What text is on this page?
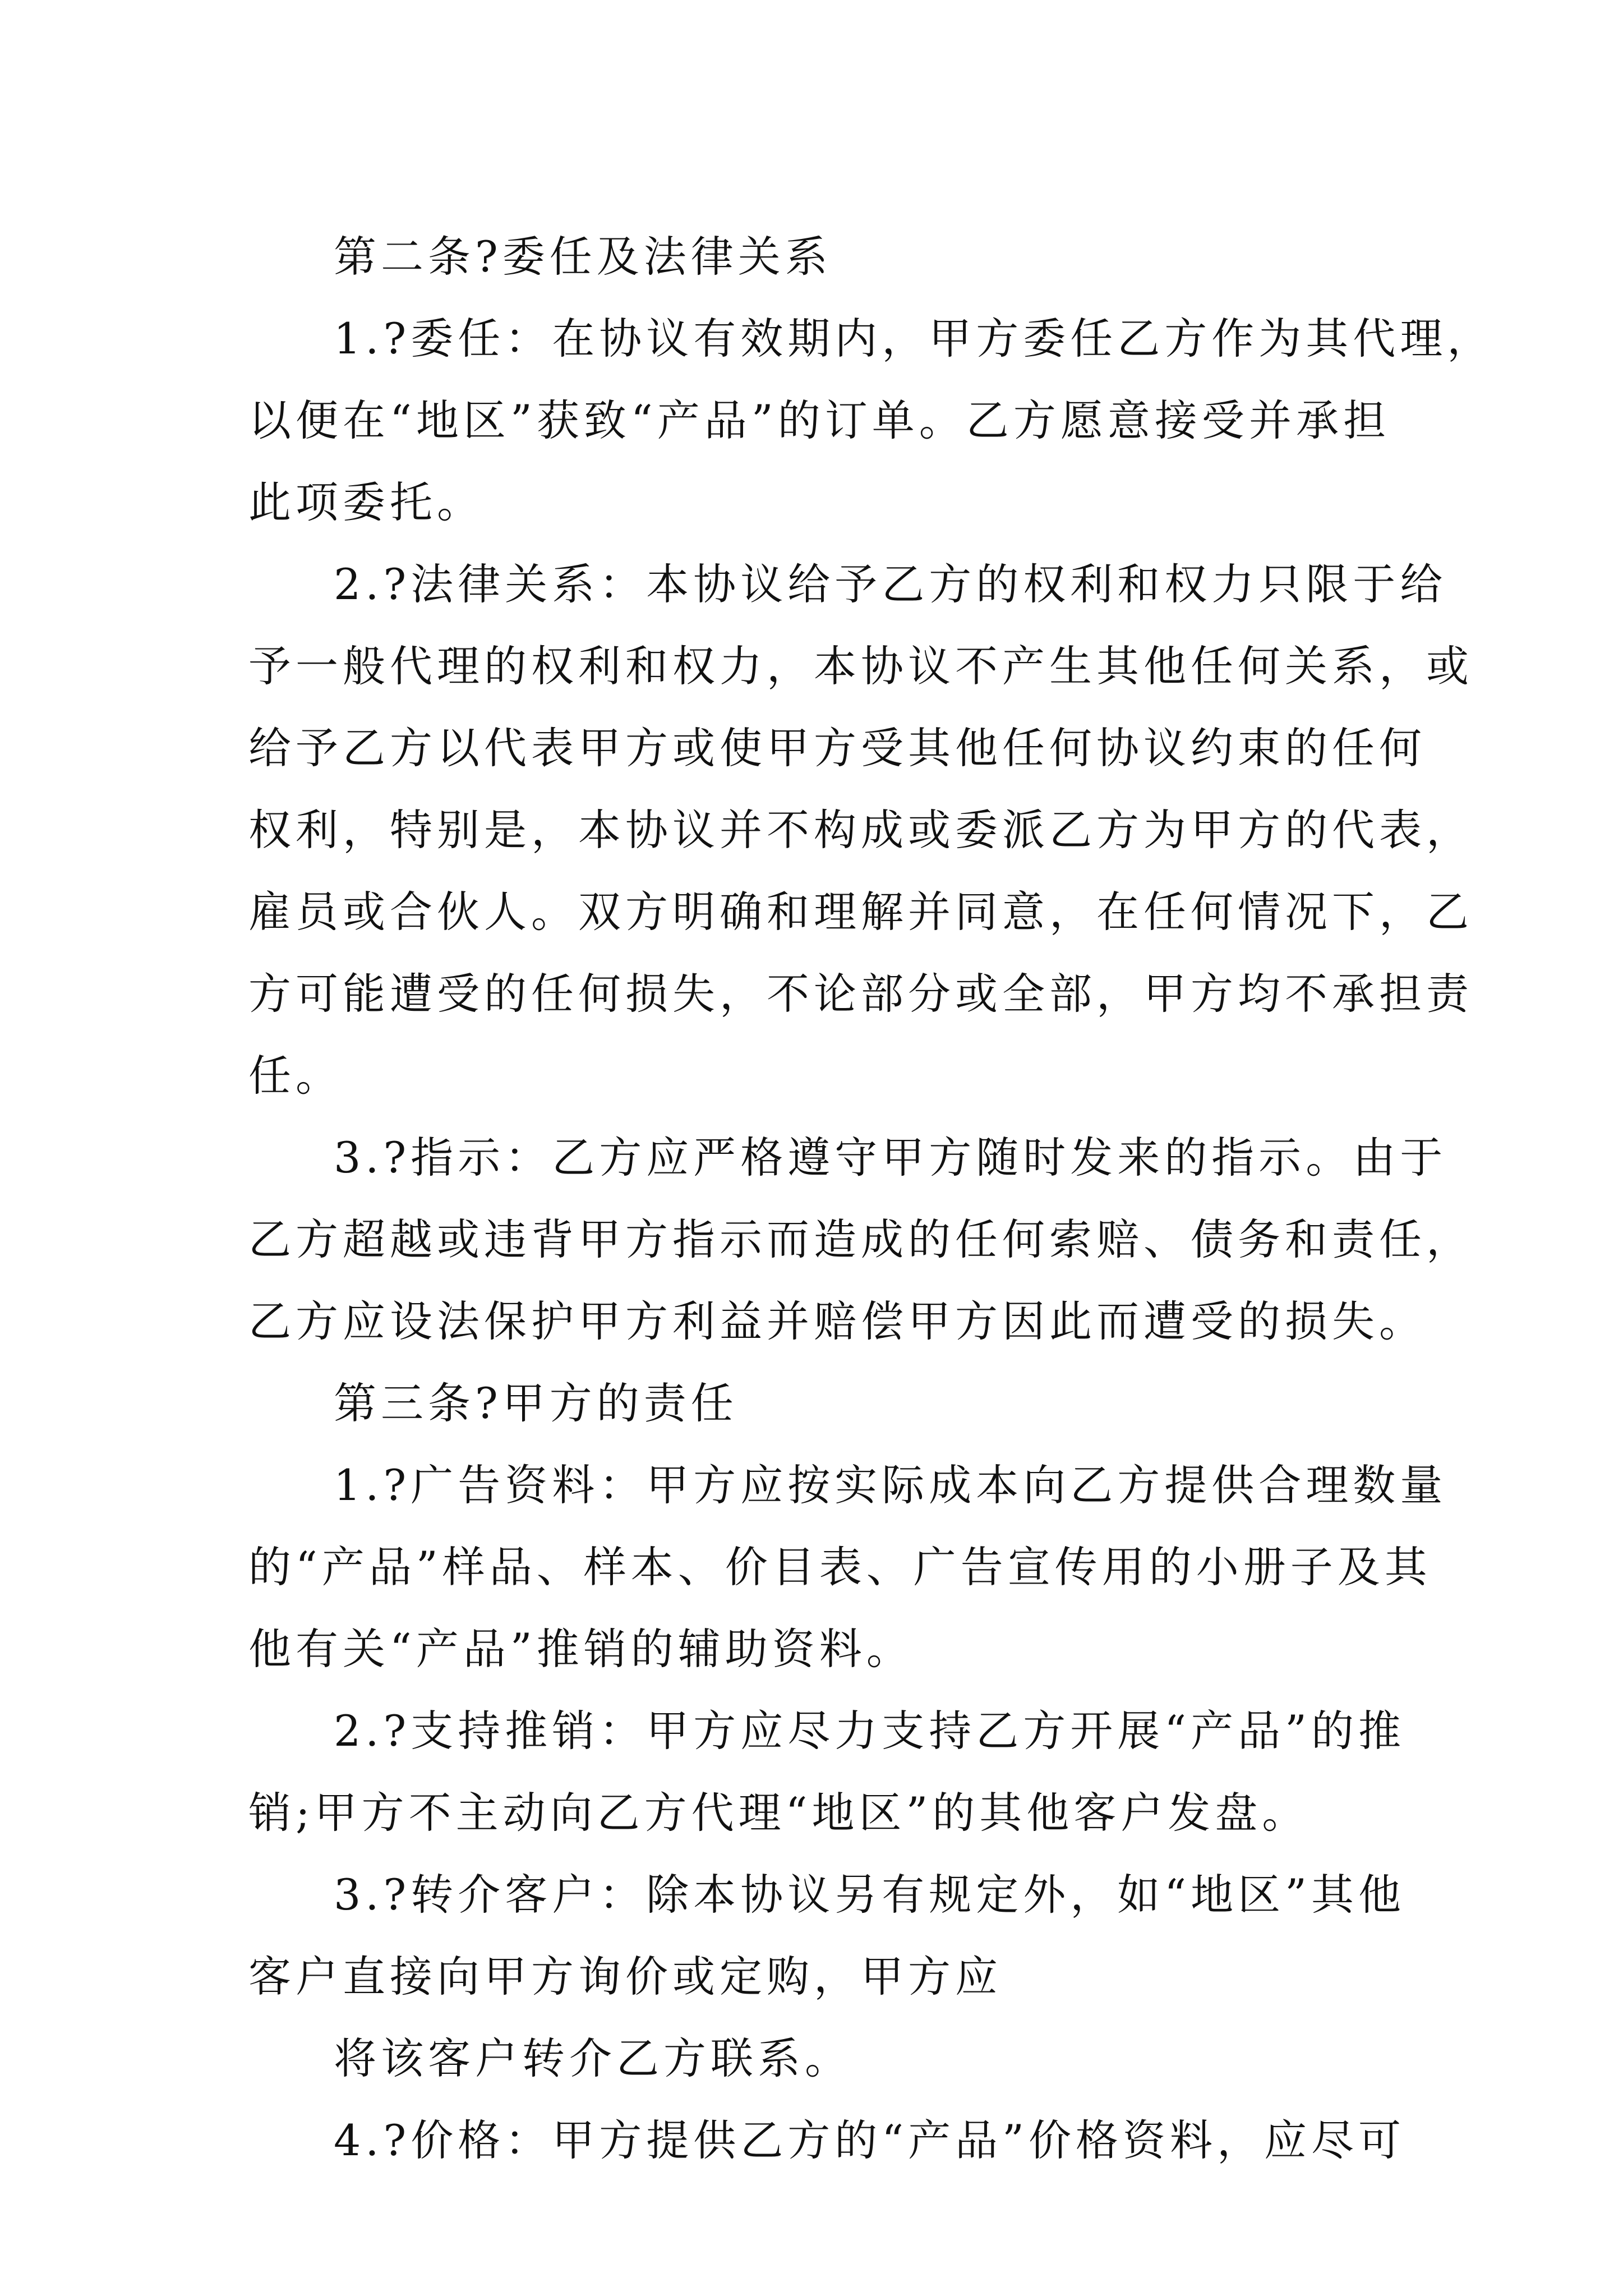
第二条?委任及法律关系
1.?委任：在协议有效期内，甲方委任乙方作为其代理，
以便在“地区”获致“产品”的订单。乙方愿意接受并承担
此项委托。
2.?法律关系：本协议给予乙方的权利和权力只限于给
予一般代理的权利和权力，本协议不产生其他任何关系，或
给予乙方以代表甲方或使甲方受其他任何协议约束的任何
权利，特别是，本协议并不构成或委派乙方为甲方的代表，
雇员或合伙人。双方明确和理解并同意，在任何情况下，乙
方可能遭受的任何损失，不论部分或全部，甲方均不承担责
任。
3.?指示：乙方应严格遵守甲方随时发来的指示。由于
乙方超越或违背甲方指示而造成的任何索赔、债务和责任，
乙方应设法保护甲方利益并赔偿甲方因此而遭受的损失。
第三条?甲方的责任
1.?广告资料：甲方应按实际成本向乙方提供合理数量
的“产品”样品、样本、价目表、广告宣传用的小册子及其
他有关“产品”推销的辅助资料。
2.?支持推销：甲方应尽力支持乙方开展“产品”的推
销;甲方不主动向乙方代理“地区”的其他客户发盘。
3.?转介客户：除本协议另有规定外，如“地区”其他
客户直接向甲方询价或定购，甲方应
将该客户转介乙方联系。
4.?价格：甲方提供乙方的“产品”价格资料，应尽可
